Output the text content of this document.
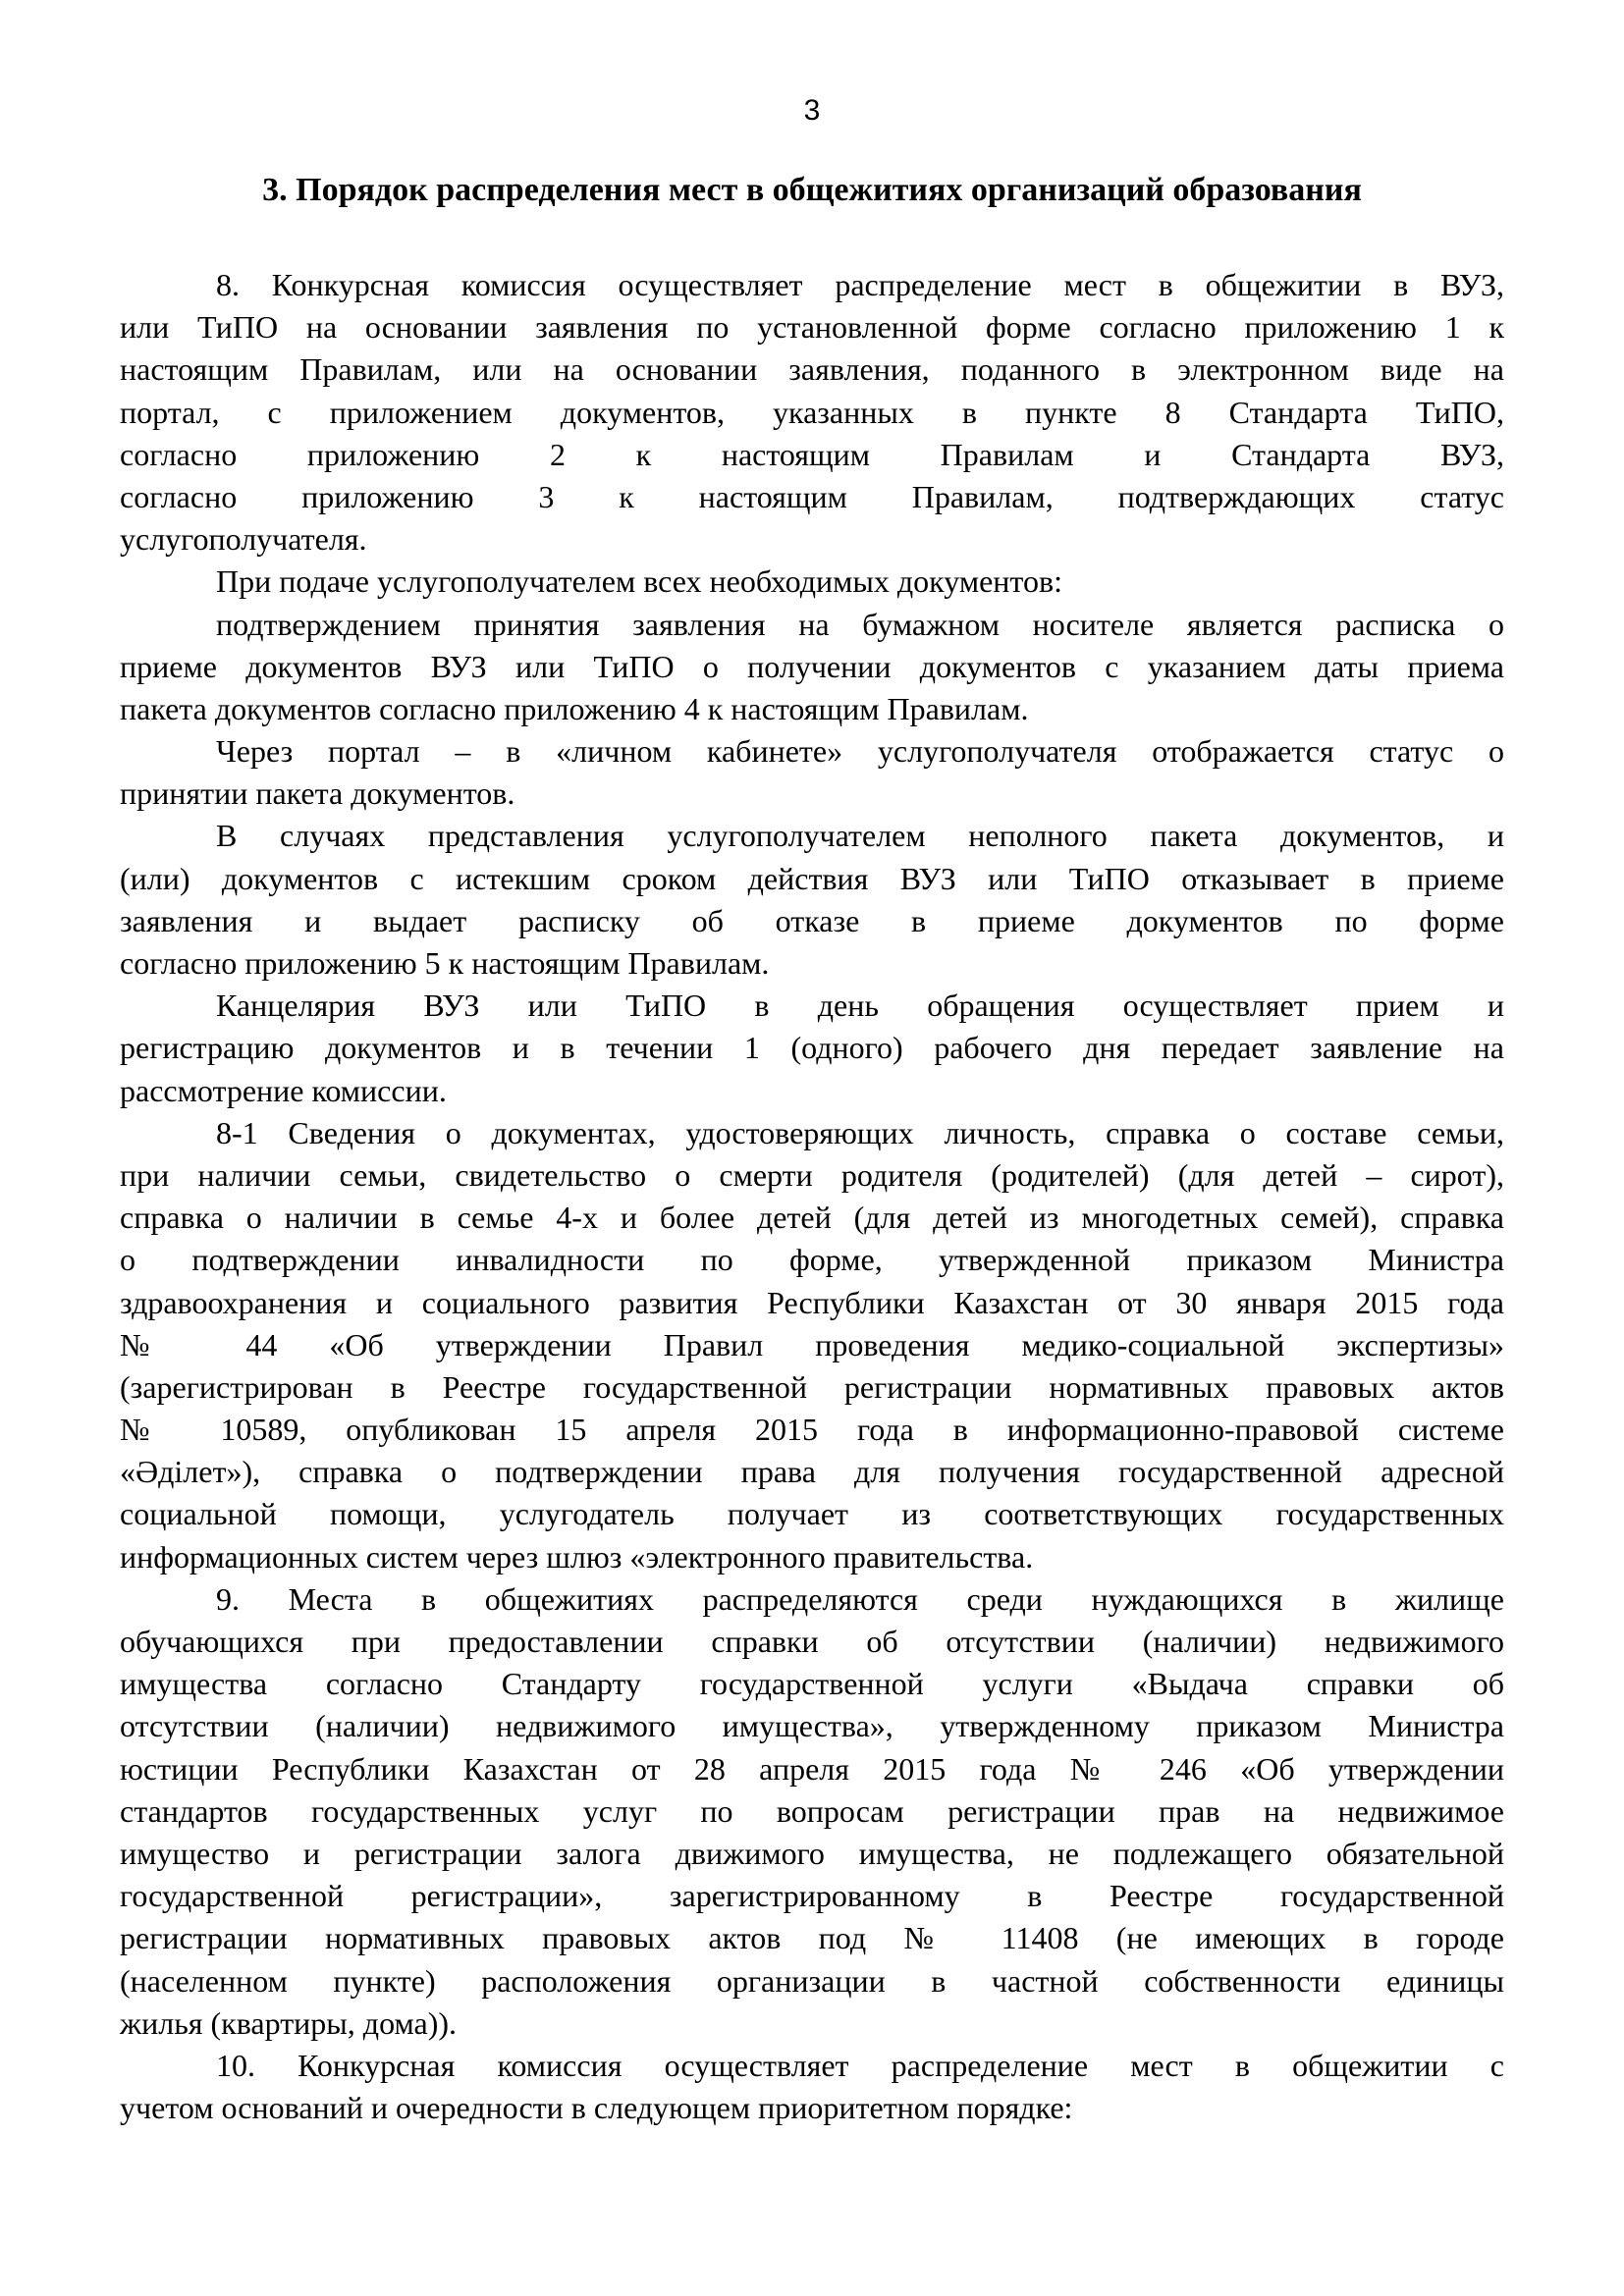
3
3. Порядок распределения мест в общежитиях организаций образования
8. Конкурсная комиссия осуществляет распределение мест в общежитии в ВУЗ,
или ТиПО на основании заявления по установленной форме согласно приложению 1 к
настоящим Правилам, или на основании заявления, поданного в электронном виде на
портал, с приложением документов, указанных в пункте 8 Стандарта ТиПО,
согласно приложению 2 к настоящим Правилам и Стандарта ВУЗ,
согласно приложению 3 к настоящим Правилам, подтверждающих статус
услугополучателя.
При подаче услугополучателем всех необходимых документов:
подтверждением принятия заявления на бумажном носителе является расписка о
приеме документов ВУЗ или ТиПО о получении документов с указанием даты приема
пакета документов согласно приложению 4 к настоящим Правилам.
Через портал – в «личном кабинете» услугополучателя отображается статус о
принятии пакета документов.
В случаях представления услугополучателем неполного пакета документов, и
(или) документов с истекшим сроком действия ВУЗ или ТиПО отказывает в приеме
заявления и выдает расписку об отказе в приеме документов по форме
согласно приложению 5 к настоящим Правилам.
Канцелярия ВУЗ или ТиПО в день обращения осуществляет прием и
регистрацию документов и в течении 1 (одного) рабочего дня передает заявление на
рассмотрение комиссии.
8-1 Сведения о документах, удостоверяющих личность, справка о составе семьи,
при наличии семьи, свидетельство о смерти родителя (родителей) (для детей – сирот),
справка о наличии в семье 4-х и более детей (для детей из многодетных семей), справка
о подтверждении инвалидности по форме, утвержденной приказом Министра
здравоохранения и социального развития Республики Казахстан от 30 января 2015 года
№ 44 «Об утверждении Правил проведения медико-социальной экспертизы»
(зарегистрирован в Реестре государственной регистрации нормативных правовых актов
№ 10589, опубликован 15 апреля 2015 года в информационно-правовой системе
«Әділет»), справка о подтверждении права для получения государственной адресной
социальной помощи, услугодатель получает из соответствующих государственных
информационных систем через шлюз «электронного правительства.
9. Места в общежитиях распределяются среди нуждающихся в жилище
обучающихся при предоставлении справки об отсутствии (наличии) недвижимого
имущества согласно Стандарту государственной услуги «Выдача справки об
отсутствии (наличии) недвижимого имущества», утвержденному приказом Министра
юстиции Республики Казахстан от 28 апреля 2015 года № 246 «Об утверждении
стандартов государственных услуг по вопросам регистрации прав на недвижимое
имущество и регистрации залога движимого имущества, не подлежащего обязательной
государственной регистрации», зарегистрированному в Реестре государственной
регистрации нормативных правовых актов под № 11408 (не имеющих в городе
(населенном пункте) расположения организации в частной собственности единицы
жилья (квартиры, дома)).
10. Конкурсная комиссия осуществляет распределение мест в общежитии с
учетом оснований и очередности в следующем приоритетном порядке:
